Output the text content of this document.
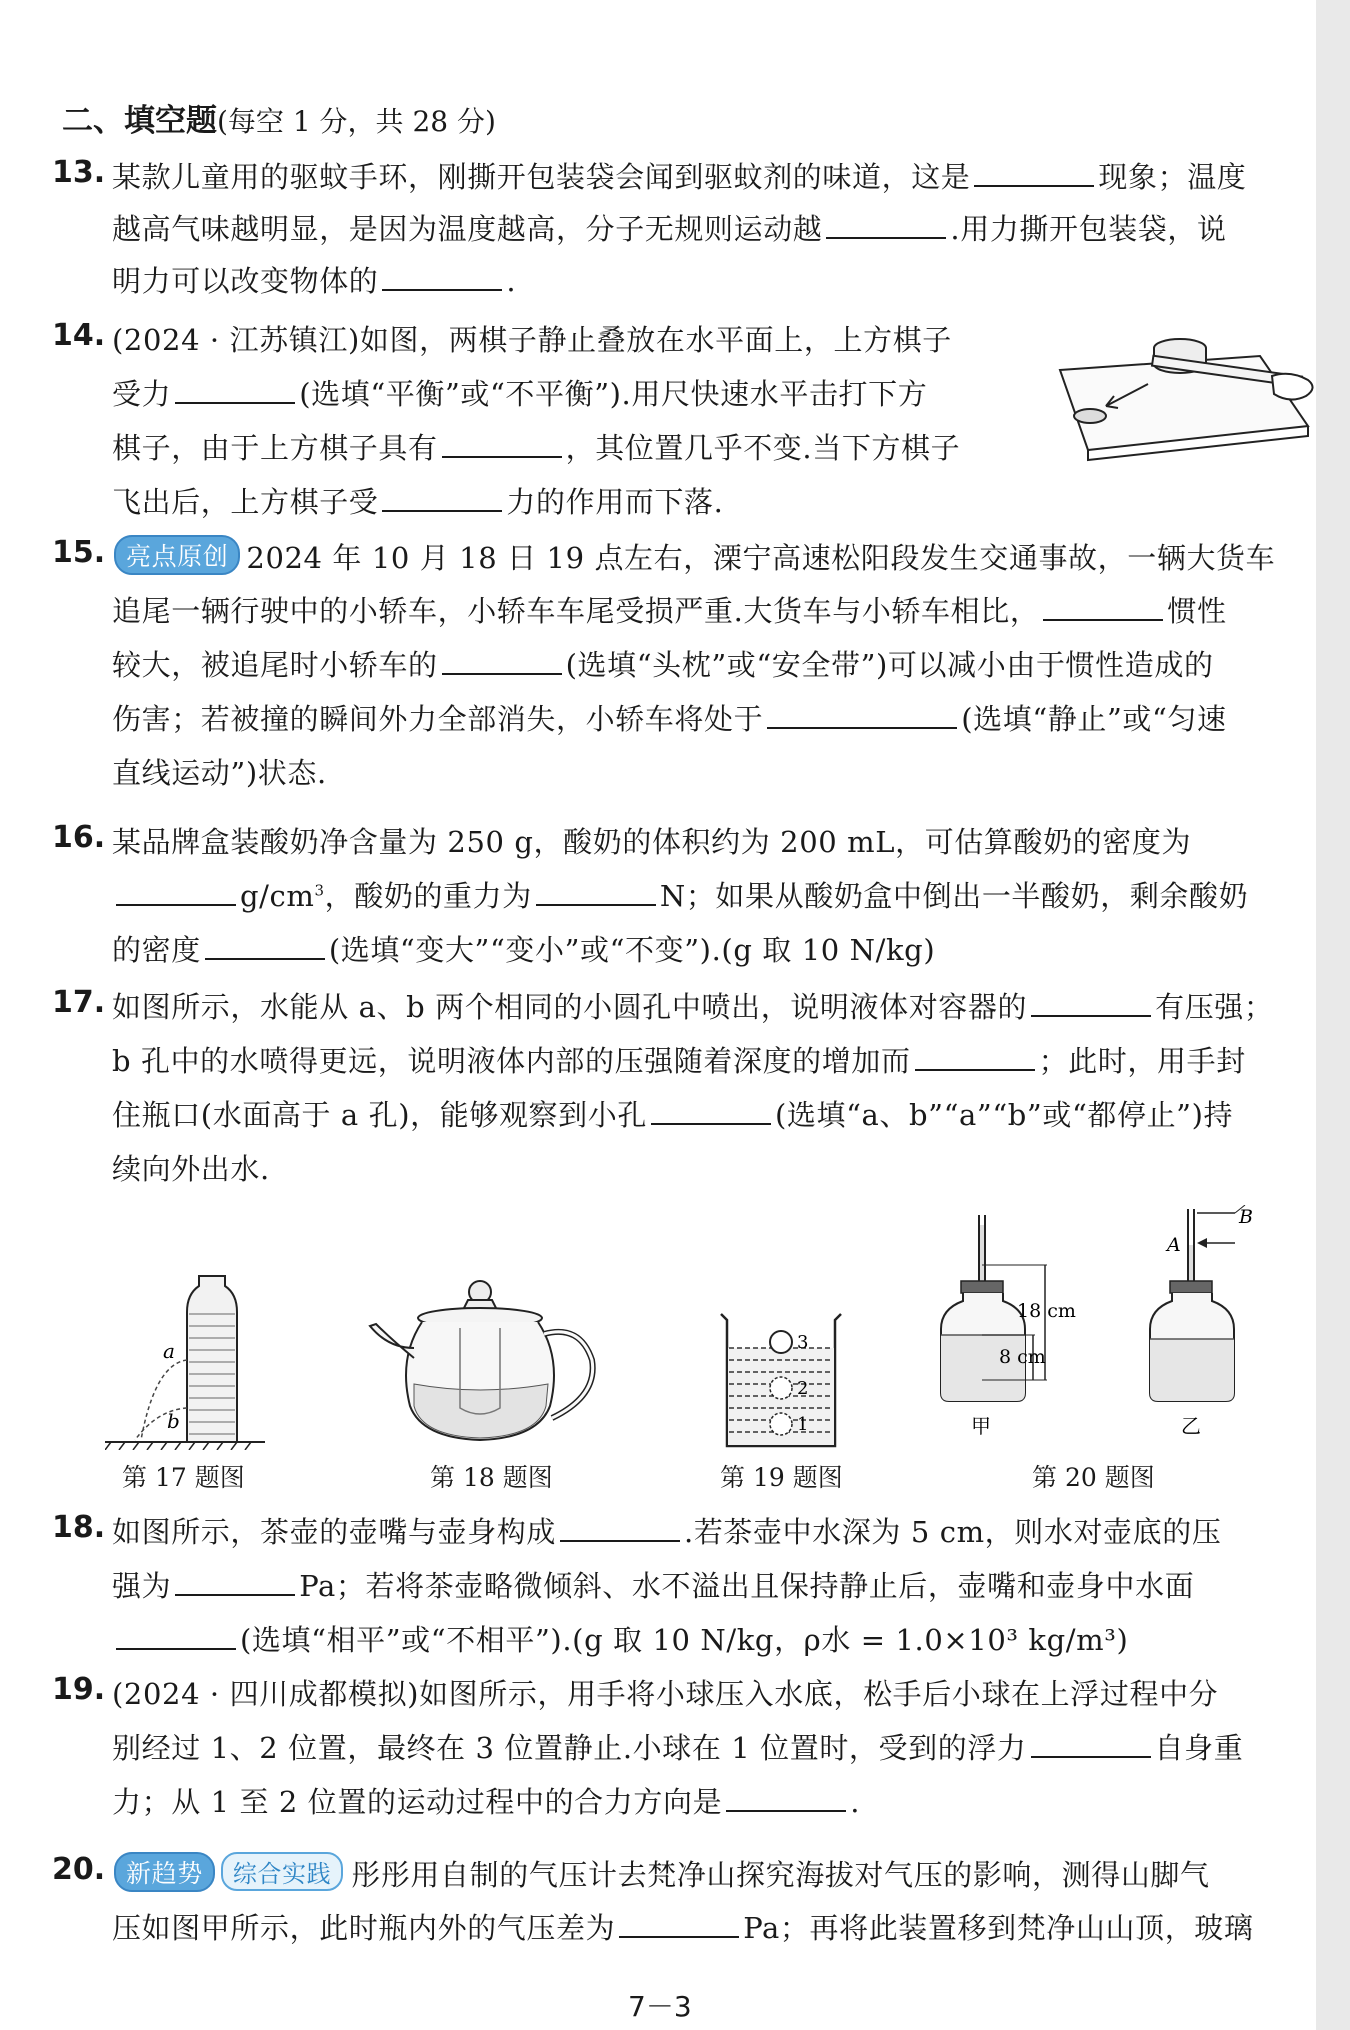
二、填空题(每空 1 分，共 28 分)
13. 某款儿童用的驱蚊手环，刚撕开包装袋会闻到驱蚊剂的味道，这是	现象；温度
越高气味越明显，是因为温度越高，分子无规则运动越	.用力撕开包装袋，说
明力可以改变物体的	.
14. (2024 · 江苏镇江)如图，两棋子静止叠放在水平面上，上方棋子
受力	(选填“平衡”或“不平衡”).用尺快速水平击打下方
棋子，由于上方棋子具有	，其位置几乎不变.当下方棋子
飞出后，上方棋子受	力的作用而下落.
15. 亮点原创 2024 年 10 月 18 日 19 点左右，溧宁高速松阳段发生交通事故，一辆大货车
追尾一辆行驶中的小轿车，小轿车车尾受损严重.大货车与小轿车相比，	惯性
较大，被追尾时小轿车的	(选填“头枕”或“安全带”)可以减小由于惯性造成的
伤害；若被撞的瞬间外力全部消失，小轿车将处于	(选填“静止”或“匀速
直线运动”)状态.
16. 某品牌盒装酸奶净含量为 250 g，酸奶的体积约为 200 mL，可估算酸奶的密度为
$g/cm^3$，酸奶的重力为	N；如果从酸奶盒中倒出一半酸奶，剩余酸奶
的密度	(选填“变大”“变小”或“不变”).(g 取 10 N/kg)
17. 如图所示，水能从 a、b 两个相同的小圆孔中喷出，说明液体对容器的	有压强；
b 孔中的水喷得更远，说明液体内部的压强随着深度的增加而	；此时，用手封
住瓶口(水面高于 a 孔)，能够观察到小孔	(选填“a、b”“a”“b”或“都停止”)持
续向外出水.
a
b
第 17 题图	第 18 题图
3
2
1
第 19 题图
18 cm
8 cm
甲
A
B
乙
第 20 题图
18. 如图所示，茶壶的壶嘴与壶身构成	.若茶壶中水深为 5 cm，则水对壶底的压
强为	Pa；若将茶壶略微倾斜、水不溢出且保持静止后，壶嘴和壶身中水面
(选填“相平”或“不相平”).(g 取 10 N/kg，ρ水 = 1.0×10³ kg/m³)
19. (2024 · 四川成都模拟)如图所示，用手将小球压入水底，松手后小球在上浮过程中分
别经过 1、2 位置，最终在 3 位置静止.小球在 1 位置时，受到的浮力	自身重
力；从 1 至 2 位置的运动过程中的合力方向是	.
20. 新趋势 综合实践 彤彤用自制的气压计去梵净山探究海拔对气压的影响，测得山脚气
压如图甲所示，此时瓶内外的气压差为	Pa；再将此装置移到梵净山山顶，玻璃
7－3
